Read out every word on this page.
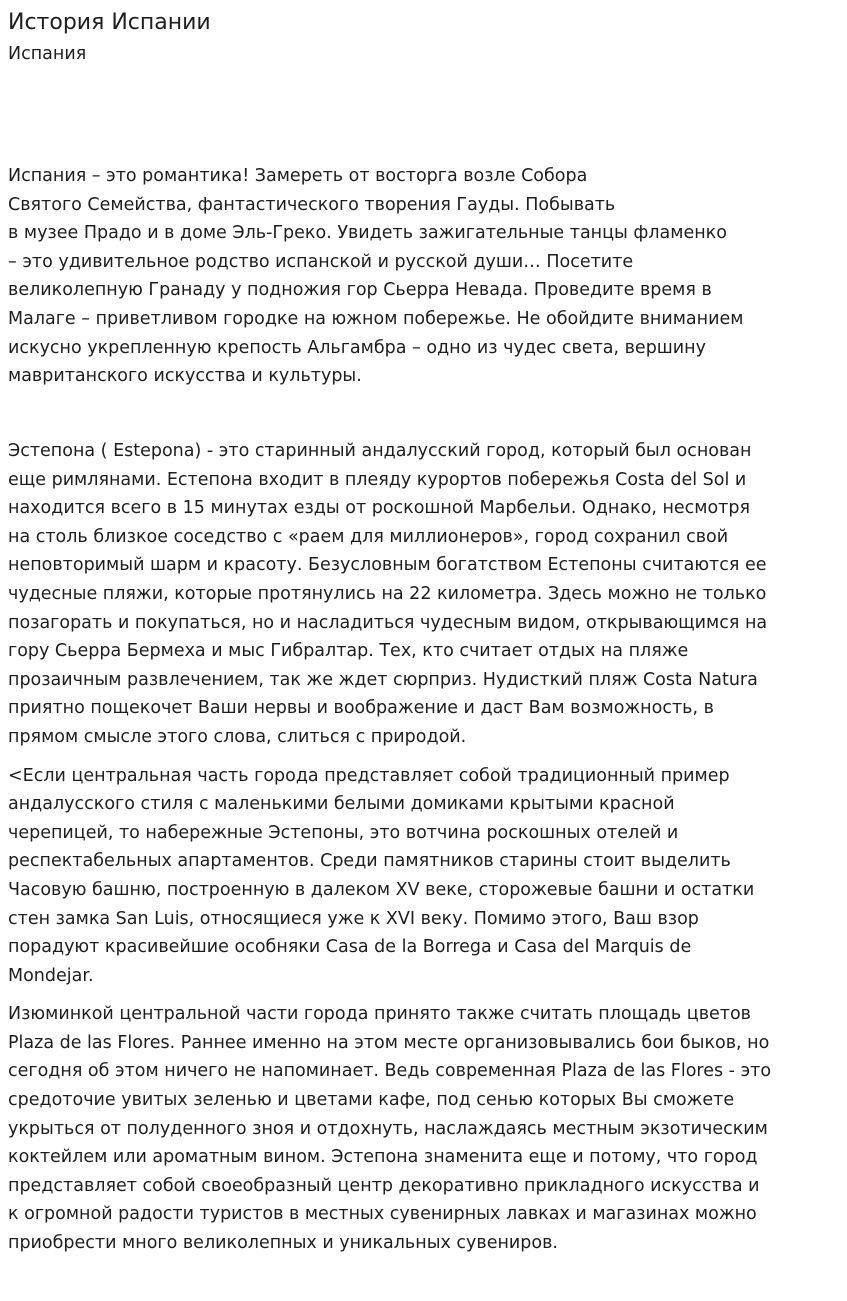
История Испании
Испания
Испания – это романтика! Замереть от восторга возле Собора
Святого Семейства, фантастического творения Гауды. Побывать
в музее Прадо и в доме Эль-Греко. Увидеть зажигательные танцы фламенко
– это удивительное родство испанской и русской души… Посетите
великолепную Гранаду у подножия гор Сьерра Невада. Проведите время в
Малаге – приветливом городке на южном побережье. Не обойдите вниманием
искусно укрепленную крепость Альгамбра – одно из чудес света, вершину
мавританского искусства и культуры.
Эстепона ( Esteрona) - это старинный андалусский город, который был основан
еще римлянами. Естепона входит в плеяду курортов побережья Costa del Sol и
находится всего в 15 минутах езды от роскошной Марбельи. Однако, несмотря
на столь близкое соседство с «раем для миллионеров», город сохранил свой
неповторимый шарм и красоту. Безусловным богатством Естепоны считаются ее
чудесные пляжи, которые протянулись на 22 километра. Здесь можно не только
позагорать и покупаться, но и насладиться чудесным видом, открывающимся на
гору Сьерра Бермеха и мыс Гибралтар. Тех, кто считает отдых на пляже
прозаичным развлечением, так же ждет сюрприз. Нудисткий пляж Costa Natura
приятно пощекочет Ваши нервы и воображение и даст Вам возможность, в
прямом смысле этого слова, слиться с природой.
<Если центральная часть города представляет собой традиционный пример
андалусского стиля с маленькими белыми домиками крытыми красной
черепицей, то набережные Эстепоны, это вотчина роскошных отелей и
респектабельных апартаментов. Среди памятников старины стоит выделить
Часовую башню, построенную в далеком XV веке, сторожевые башни и остатки
стен замка San Luis, относящиеся уже к XVI веку. Помимо этого, Ваш взор
порадуют красивейшие особняки Casa de la Borrega и Casa del Marquis de
Mondejar.
Изюминкой центральной части города принято также считать площадь цветов
Plaza de las Flores. Раннее именно на этом месте организовывались бои быков, но
сегодня об этом ничего не напоминает. Ведь современная Plaza de las Flores - это
средоточие увитых зеленью и цветами кафе, под сенью которых Вы сможете
укрыться от полуденного зноя и отдохнуть, наслаждаясь местным экзотическим
коктейлем или ароматным вином. Эстепона знаменита еще и потому, что город
представляет собой своеобразный центр декоративно прикладного искусства и
к огромной радости туристов в местных сувенирных лавках и магазинах можно
приобрести много великолепных и уникальных сувениров.
